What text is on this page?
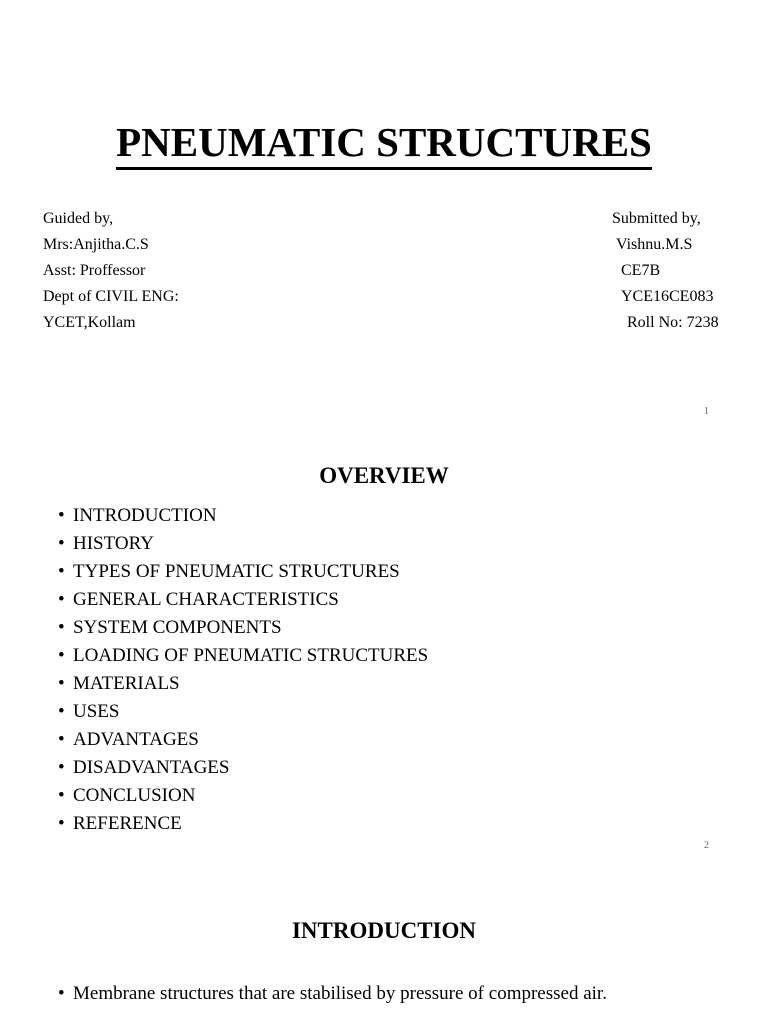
PNEUMATIC STRUCTURES
Guided by,
Mrs:Anjitha.C.S
Asst: Proffessor
Dept of CIVIL ENG:
YCET,Kollam
Submitted by,
Vishnu.M.S
CE7B
YCE16CE083
Roll No: 7238
1
OVERVIEW
• INTRODUCTION
• HISTORY
• TYPES OF PNEUMATIC STRUCTURES
• GENERAL CHARACTERISTICS
• SYSTEM COMPONENTS
• LOADING OF PNEUMATIC STRUCTURES
• MATERIALS
• USES
• ADVANTAGES
• DISADVANTAGES
• CONCLUSION
• REFERENCE
2
INTRODUCTION
• Membrane structures that are stabilised by pressure of compressed air.
